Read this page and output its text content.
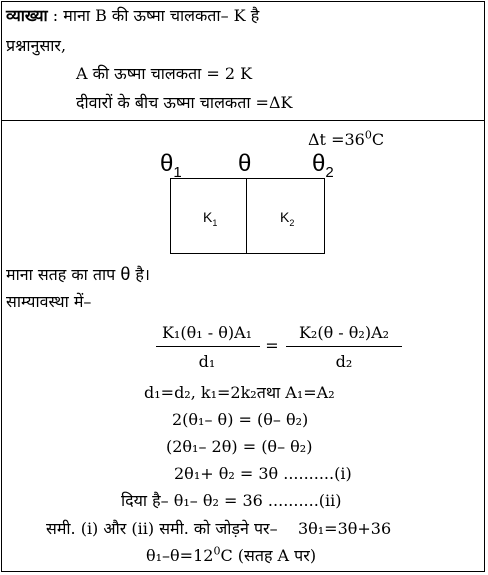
व्याख्या : माना B की ऊष्मा चालकता– K है
प्रश्नानुसार,
A की ऊष्मा चालकता = 2 K
दीवारों के बीच ऊष्मा चालकता =ΔK
$\Delta t =36^0C$
$\theta_1$ θ	$\theta_2$
$K_1$	$K_2$
माना सतह का ताप θ है।
साम्यावस्था में–
K₁(θ₁ - θ)A₁
d₁
=
K₂(θ - θ₂)A₂
d₂
d₁=d₂, k₁=2k₂तथा A₁=A₂
2(θ₁– θ) = (θ– θ₂)
(2θ₁– 2θ) = (θ– θ₂)
2θ₁+ θ₂ = 3θ ..........(i)
दिया है– θ₁– θ₂ = 36 ..........(ii)
समी. (i) और (ii) समी. को जोड़ने पर– 3θ₁=3θ+36
$\theta_1-\theta=12^0C$ (सतह A पर)
